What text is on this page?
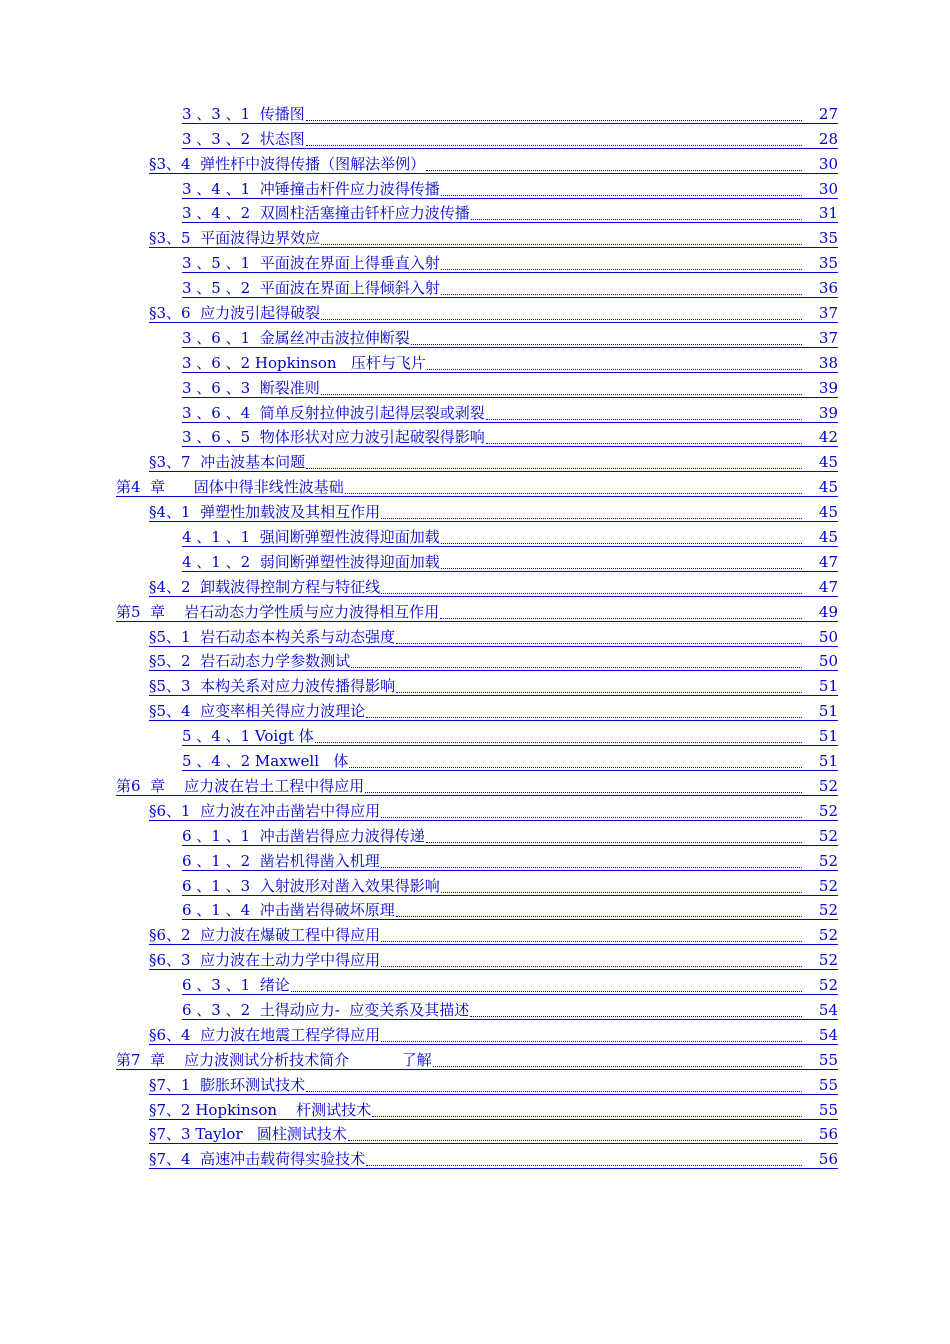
3 、3 、1  传播图	27
3 、3 、2  状态图	28
§3、4  弹性杆中波得传播（图解法举例）	30
3 、4 、1  冲锤撞击杆件应力波得传播	30
3 、4 、2  双圆柱活塞撞击钎杆应力波传播	31
§3、5  平面波得边界效应	35
3 、5 、1  平面波在界面上得垂直入射	35
3 、5 、2  平面波在界面上得倾斜入射	36
§3、6  应力波引起得破裂	37
3 、6 、1  金属丝冲击波拉伸断裂	37
3 、6 、2 Hopkinson   压杆与飞片	38
3 、6 、3  断裂准则	39
3 、6 、4  简单反射拉伸波引起得层裂或剥裂	39
3 、6 、5  物体形状对应力波引起破裂得影响	42
§3、7  冲击波基本问题	45
第4  章      固体中得非线性波基础	45
§4、1  弹塑性加载波及其相互作用	45
4 、1 、1  强间断弹塑性波得迎面加载	45
4 、1 、2  弱间断弹塑性波得迎面加载	47
§4、2  卸载波得控制方程与特征线	47
第5  章    岩石动态力学性质与应力波得相互作用	49
§5、1  岩石动态本构关系与动态强度	50
§5、2  岩石动态力学参数测试	50
§5、3  本构关系对应力波传播得影响	51
§5、4  应变率相关得应力波理论	51
5 、4 、1 Voigt 体	51
5 、4 、2 Maxwell   体	51
第6  章    应力波在岩土工程中得应用	52
§6、1  应力波在冲击凿岩中得应用	52
6 、1 、1  冲击凿岩得应力波得传递	52
6 、1 、2  凿岩机得凿入机理	52
6 、1 、3  入射波形对凿入效果得影响	52
6 、1 、4  冲击凿岩得破坏原理	52
§6、2  应力波在爆破工程中得应用	52
§6、3  应力波在土动力学中得应用	52
6 、3 、1  绪论	52
6 、3 、2  土得动应力-  应变关系及其描述	54
§6、4  应力波在地震工程学得应用	54
第7  章    应力波测试分析技术简介           了解	55
§7、1  膨胀环测试技术	55
§7、2 Hopkinson    杆测试技术	55
§7、3 Taylor   圆柱测试技术	56
§7、4  高速冲击载荷得实验技术	56
